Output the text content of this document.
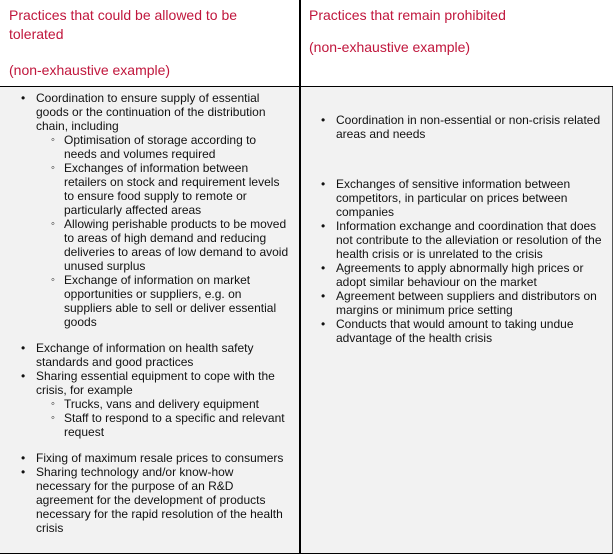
Practices that could be allowed to be tolerated

(non-exhaustive example)

Practices that remain prohibited

(non-exhaustive example)

• Coordination to ensure supply of essential goods or the continuation of the distribution chain, including
◦ Optimisation of storage according to needs and volumes required
◦ Exchanges of information between retailers on stock and requirement levels to ensure food supply to remote or particularly affected areas
◦ Allowing perishable products to be moved to areas of high demand and reducing deliveries to areas of low demand to avoid unused surplus
◦ Exchange of information on market opportunities or suppliers, e.g. on suppliers able to sell or deliver essential goods
• Exchange of information on health safety standards and good practices
• Sharing essential equipment to cope with the crisis, for example
◦ Trucks, vans and delivery equipment
◦ Staff to respond to a specific and relevant request
• Fixing of maximum resale prices to consumers
• Sharing technology and/or know-how necessary for the purpose of an R&D agreement for the development of products necessary for the rapid resolution of the health crisis
• Coordination in non-essential or non-crisis related areas and needs
• Exchanges of sensitive information between competitors, in particular on prices between companies
• Information exchange and coordination that does not contribute to the alleviation or resolution of the health crisis or is unrelated to the crisis
• Agreements to apply abnormally high prices or adopt similar behaviour on the market
• Agreement between suppliers and distributors on margins or minimum price setting
• Conducts that would amount to taking undue advantage of the health crisis
